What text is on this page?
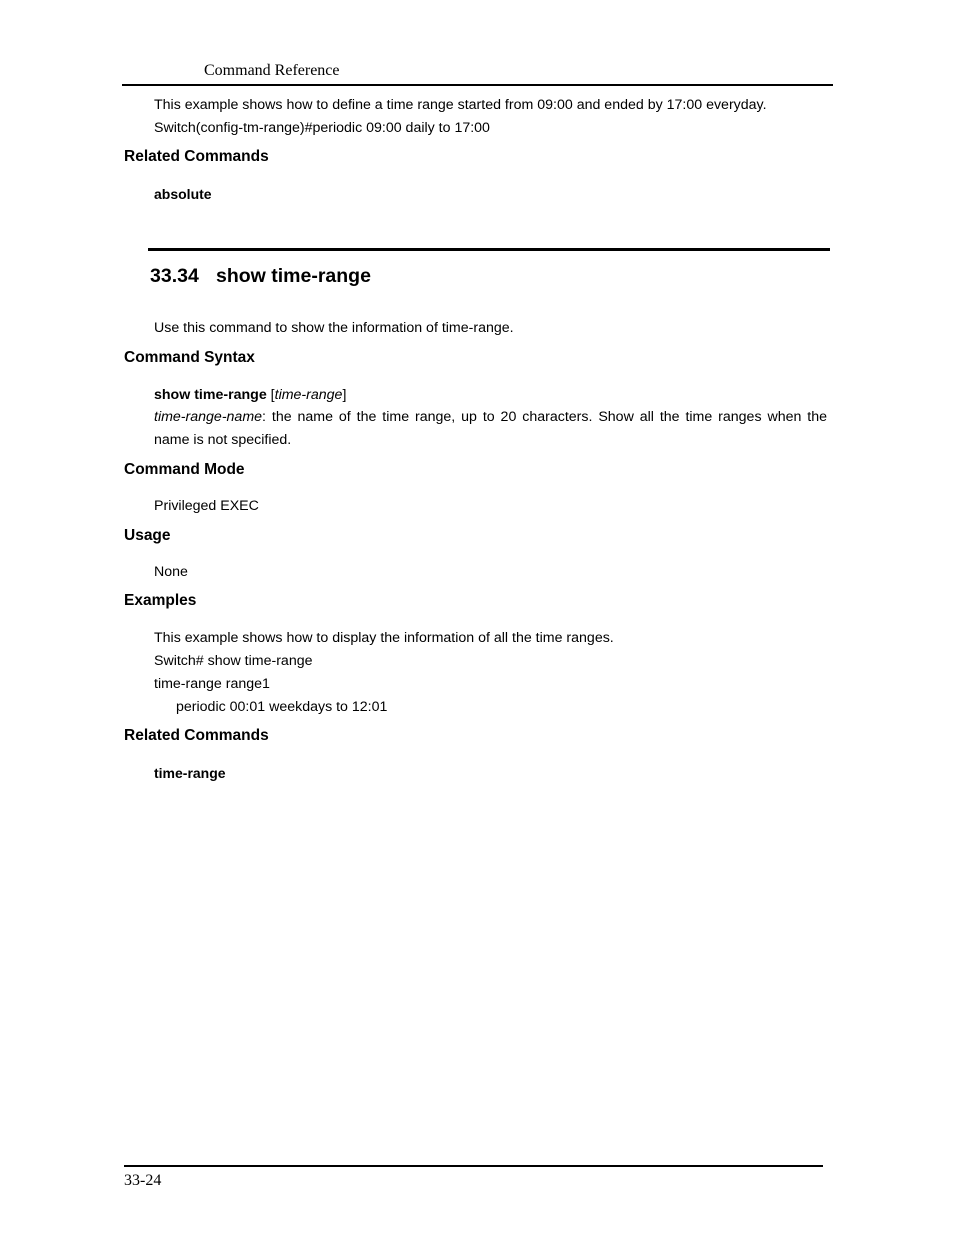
Command Reference
This example shows how to define a time range started from 09:00 and ended by 17:00 everyday.
Switch(config-tm-range)#periodic 09:00 daily to 17:00
Related Commands
absolute
33.34 show time-range
Use this command to show the information of time-range.
Command Syntax
show time-range [time-range]
time-range-name: the name of the time range, up to 20 characters. Show all the time ranges when the
name is not specified.
Command Mode
Privileged EXEC
Usage
None
Examples
This example shows how to display the information of all the time ranges.
Switch# show time-range
time-range range1
periodic 00:01 weekdays to 12:01
Related Commands
time-range
33-24
